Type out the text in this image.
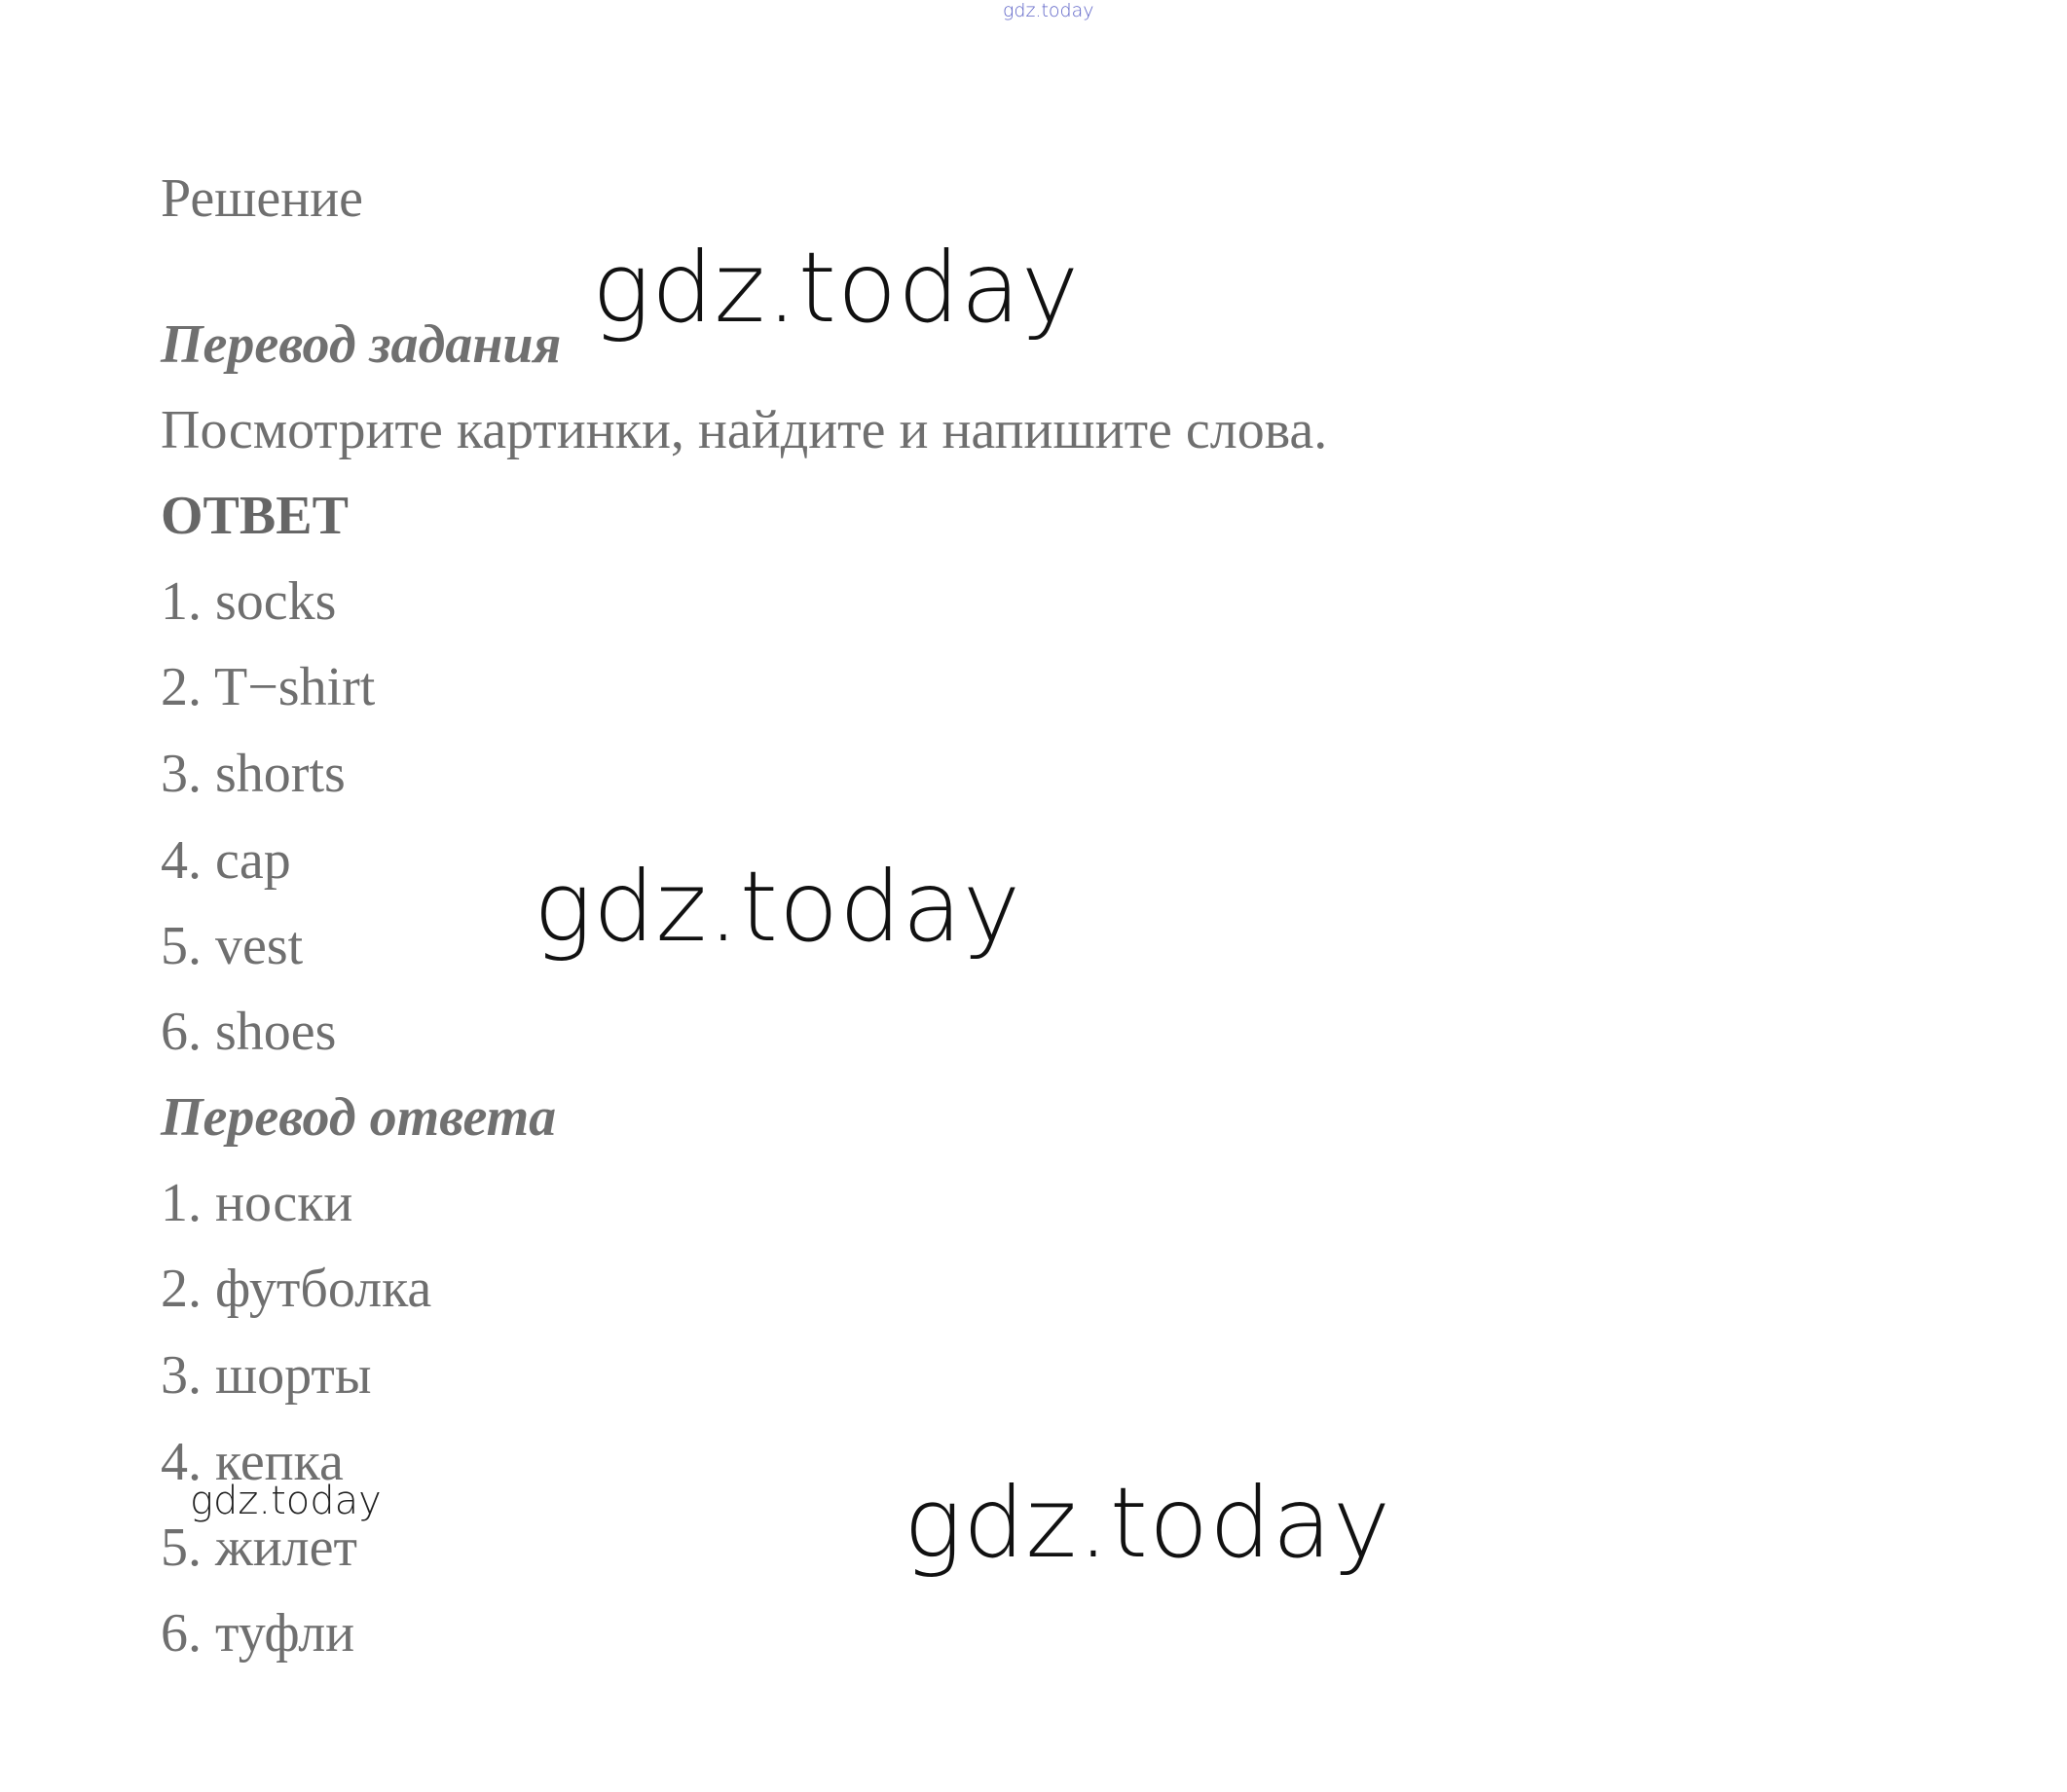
gdz.today
Решение
Перевод задания gdz.today
Посмотрите картинки, найдите и напишите слова.
ОТВЕТ
1. socks
2. T−shirt
3. shorts
4. cap
5. vest
6. shoes
gdz.today
Перевод ответа
1. носки
2. футболка
3. шорты
4. кепка
5. жилет
6. туфли
gdz.today	gdz.today
